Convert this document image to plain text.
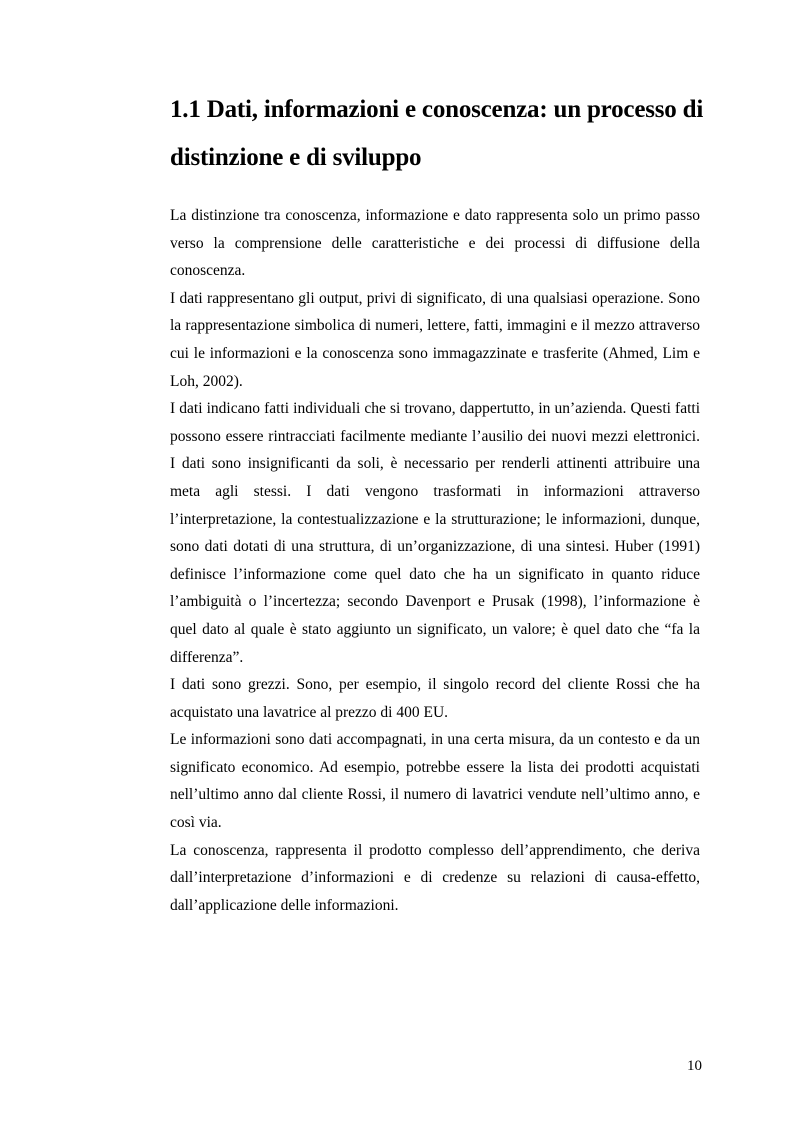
1.1 Dati, informazioni e conoscenza: un processo di distinzione e di sviluppo

La distinzione tra conoscenza, informazione e dato rappresenta solo un primo passo verso la comprensione delle caratteristiche e dei processi di diffusione della conoscenza.

I dati rappresentano gli output, privi di significato, di una qualsiasi operazione. Sono la rappresentazione simbolica di numeri, lettere, fatti, immagini e il mezzo attraverso cui le informazioni e la conoscenza sono immagazzinate e trasferite (Ahmed, Lim e Loh, 2002).

I dati indicano fatti individuali che si trovano, dappertutto, in un’azienda. Questi fatti possono essere rintracciati facilmente mediante l’ausilio dei nuovi mezzi elettronici. I dati sono insignificanti da soli, è necessario per renderli attinenti attribuire una meta agli stessi. I dati vengono trasformati in informazioni attraverso l’interpretazione, la contestualizzazione e la strutturazione; le informazioni, dunque, sono dati dotati di una struttura, di un’organizzazione, di una sintesi. Huber (1991) definisce l’informazione come quel dato che ha un significato in quanto riduce l’ambiguità o l’incertezza; secondo Davenport e Prusak (1998), l’informazione è quel dato al quale è stato aggiunto un significato, un valore; è quel dato che “fa la differenza”.

I dati sono grezzi. Sono, per esempio, il singolo record del cliente Rossi che ha acquistato una lavatrice al prezzo di 400 EU.

Le informazioni sono dati accompagnati, in una certa misura, da un contesto e da un significato economico. Ad esempio, potrebbe essere la lista dei prodotti acquistati nell’ultimo anno dal cliente Rossi, il numero di lavatrici vendute nell’ultimo anno, e così via.

La conoscenza, rappresenta il prodotto complesso dell’apprendimento, che deriva dall’interpretazione d’informazioni e di credenze su relazioni di causa-effetto, dall’applicazione delle informazioni.

10
